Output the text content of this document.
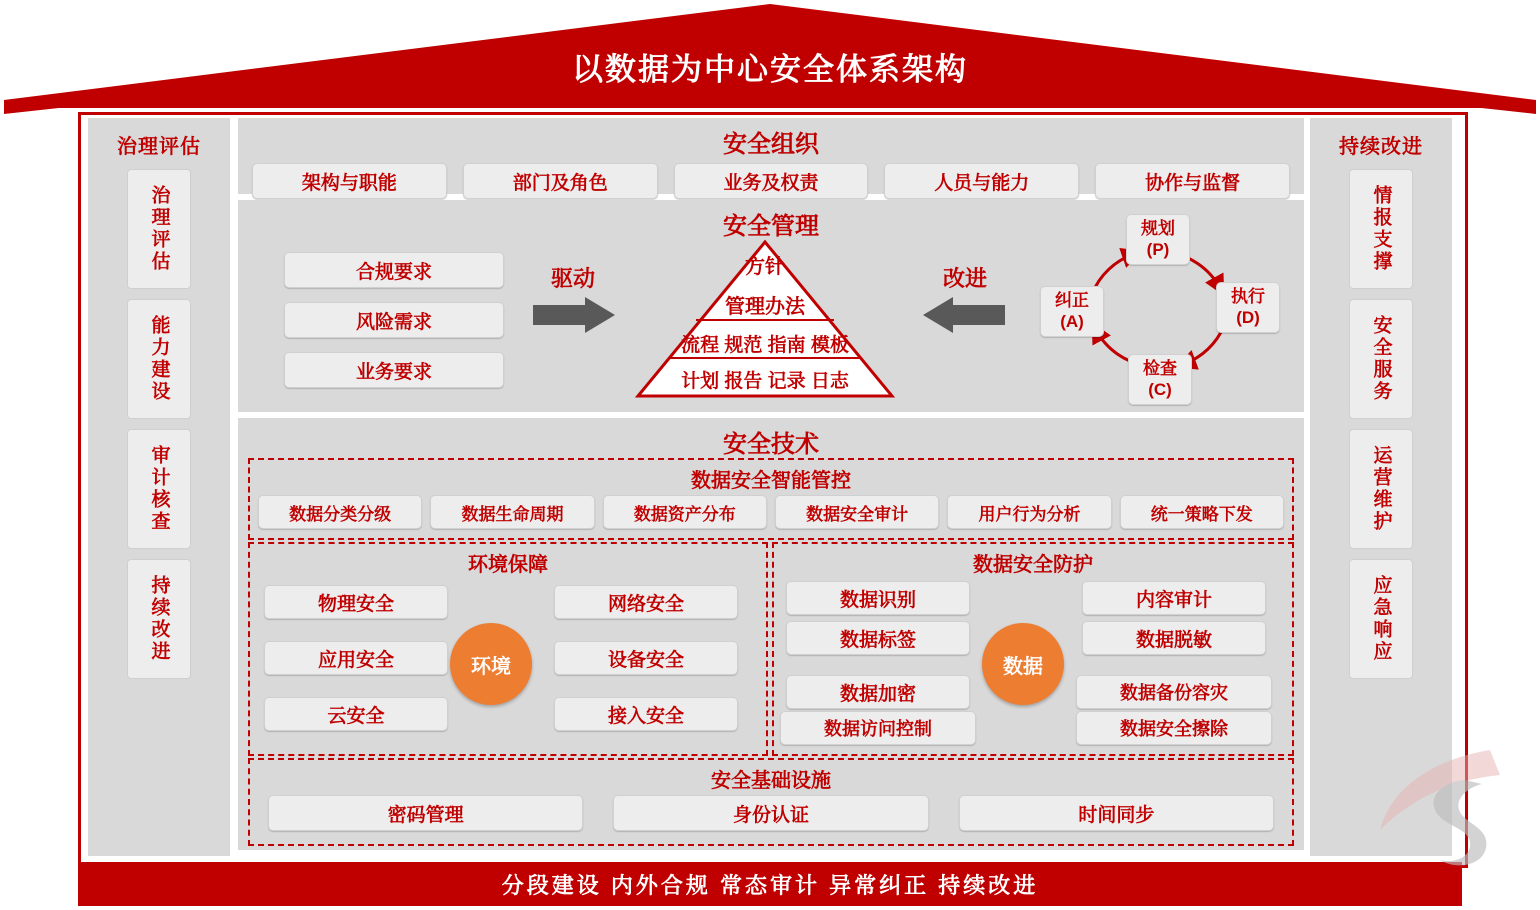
以数据为中心安全体系架构
治理评估
治理评估
能力建设
审计核查
持续改进
持续改进
情报支撑
安全服务
运营维护
应急响应
安全组织
架构与职能	部门及角色	业务及权责	人员与能力	协作与监督
安全管理
合规要求
风险需求
业务要求
驱动	方针
管理办法
流程 规范 指南 模板
计划 报告 记录 日志
改进
规划
(P)
执行
(D)
检查
(C)
纠正
(A)
安全技术
数据安全智能管控
数据分类分级	数据生命周期	数据资产分布	数据安全审计	用户行为分析	统一策略下发
环境保障
物理安全
应用安全
云安全
网络安全
设备安全
接入安全
环境
数据安全防护
数据识别
数据标签
数据加密
数据访问控制
内容审计
数据脱敏
数据备份容灾
数据安全擦除
数据
安全基础设施
密码管理	身份认证	时间同步
分段建设 内外合规 常态审计 异常纠正 持续改进
